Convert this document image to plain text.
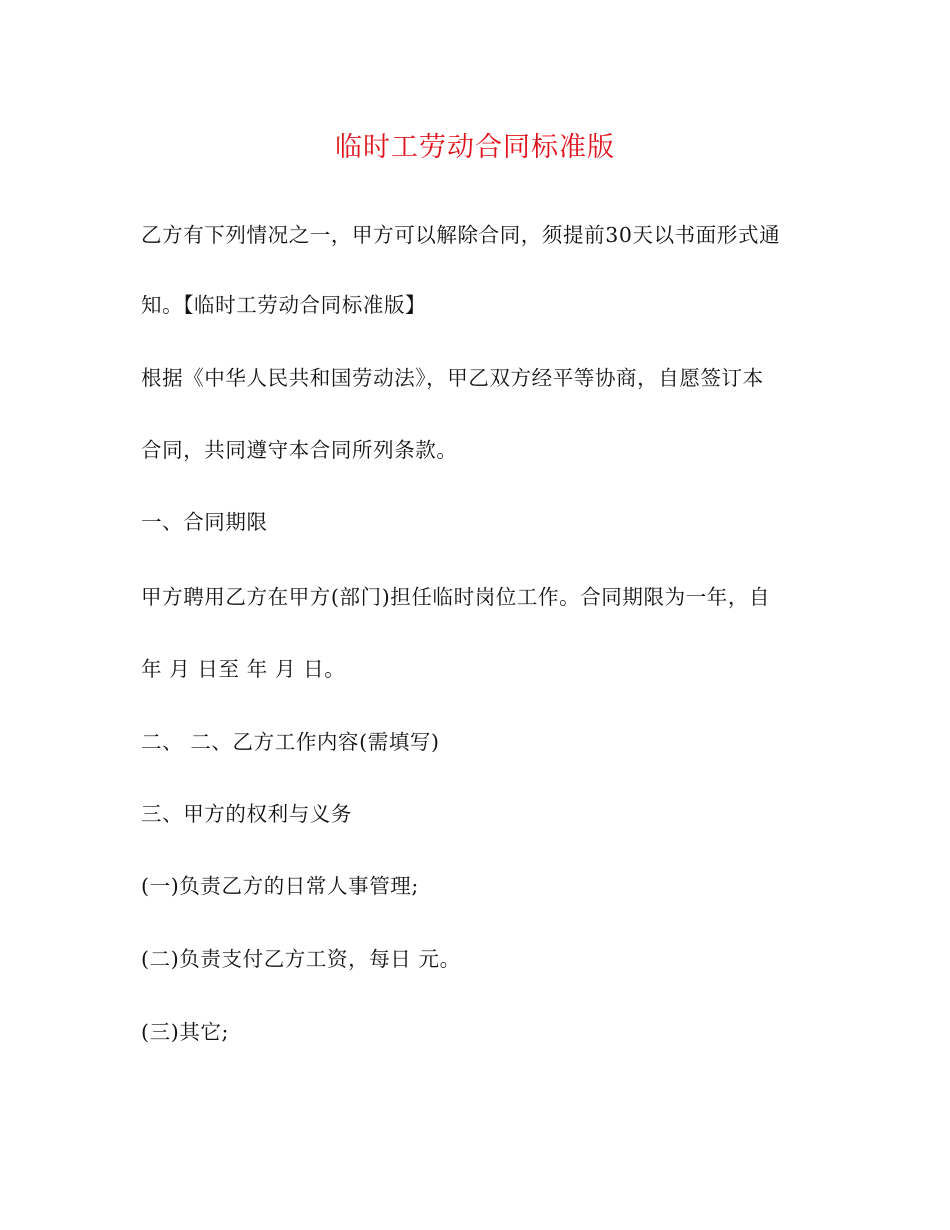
临时工劳动合同标准版

乙方有下列情况之一，甲方可以解除合同，须提前30天以书面形式通

知。【临时工劳动合同标准版】

根据《中华人民共和国劳动法》，甲乙双方经平等协商，自愿签订本

合同，共同遵守本合同所列条款。

一、合同期限

甲方聘用乙方在甲方(部门)担任临时岗位工作。合同期限为一年，自

年 月 日至 年 月 日。

二、 二、乙方工作内容(需填写)

三、甲方的权利与义务

(一)负责乙方的日常人事管理;

(二)负责支付乙方工资，每日 元。

(三)其它;
